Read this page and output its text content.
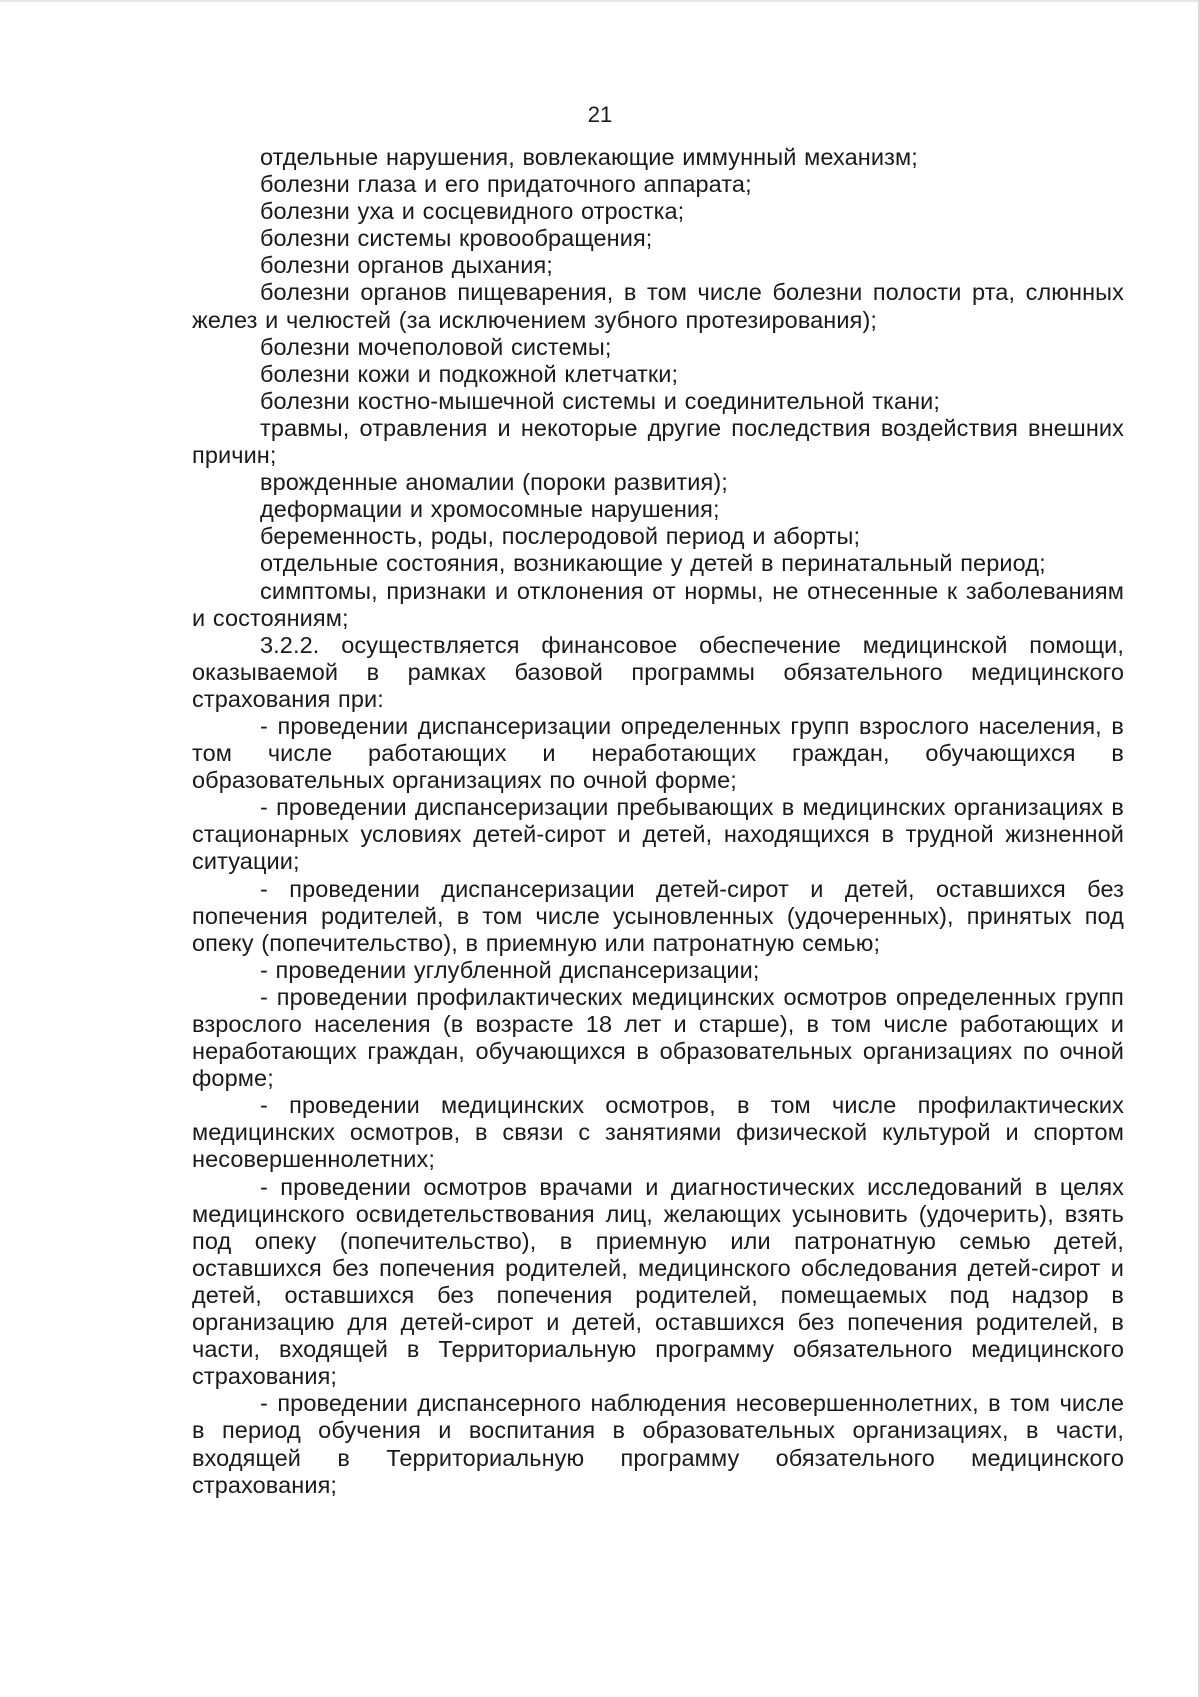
21

отдельные нарушения, вовлекающие иммунный механизм;

болезни глаза и его придаточного аппарата;

болезни уха и сосцевидного отростка;

болезни системы кровообращения;

болезни органов дыхания;

болезни органов пищеварения, в том числе болезни полости рта, слюнных желез и челюстей (за исключением зубного протезирования);

болезни мочеполовой системы;

болезни кожи и подкожной клетчатки;

болезни костно-мышечной системы и соединительной ткани;

травмы, отравления и некоторые другие последствия воздействия внешних причин;

врожденные аномалии (пороки развития);

деформации и хромосомные нарушения;

беременность, роды, послеродовой период и аборты;

отдельные состояния, возникающие у детей в перинатальный период;

симптомы, признаки и отклонения от нормы, не отнесенные к заболеваниям и состояниям;

3.2.2. осуществляется финансовое обеспечение медицинской помощи, оказываемой в рамках базовой программы обязательного медицинского страхования при:

- проведении диспансеризации определенных групп взрослого населения, в том числе работающих и неработающих граждан, обучающихся в образовательных организациях по очной форме;

- проведении диспансеризации пребывающих в медицинских организациях в стационарных условиях детей-сирот и детей, находящихся в трудной жизненной ситуации;

- проведении диспансеризации детей-сирот и детей, оставшихся без попечения родителей, в том числе усыновленных (удочеренных), принятых под опеку (попечительство), в приемную или патронатную семью;

- проведении углубленной диспансеризации;

- проведении профилактических медицинских осмотров определенных групп взрослого населения (в возрасте 18 лет и старше), в том числе работающих и неработающих граждан, обучающихся в образовательных организациях по очной форме;

- проведении медицинских осмотров, в том числе профилактических медицинских осмотров, в связи с занятиями физической культурой и спортом несовершеннолетних;

- проведении осмотров врачами и диагностических исследований в целях медицинского освидетельствования лиц, желающих усыновить (удочерить), взять под опеку (попечительство), в приемную или патронатную семью детей, оставшихся без попечения родителей, медицинского обследования детей-сирот и детей, оставшихся без попечения родителей, помещаемых под надзор в организацию для детей-сирот и детей, оставшихся без попечения родителей, в части, входящей в Территориальную программу обязательного медицинского страхования;

- проведении диспансерного наблюдения несовершеннолетних, в том числе в период обучения и воспитания в образовательных организациях, в части, входящей в Территориальную программу обязательного медицинского страхования;
